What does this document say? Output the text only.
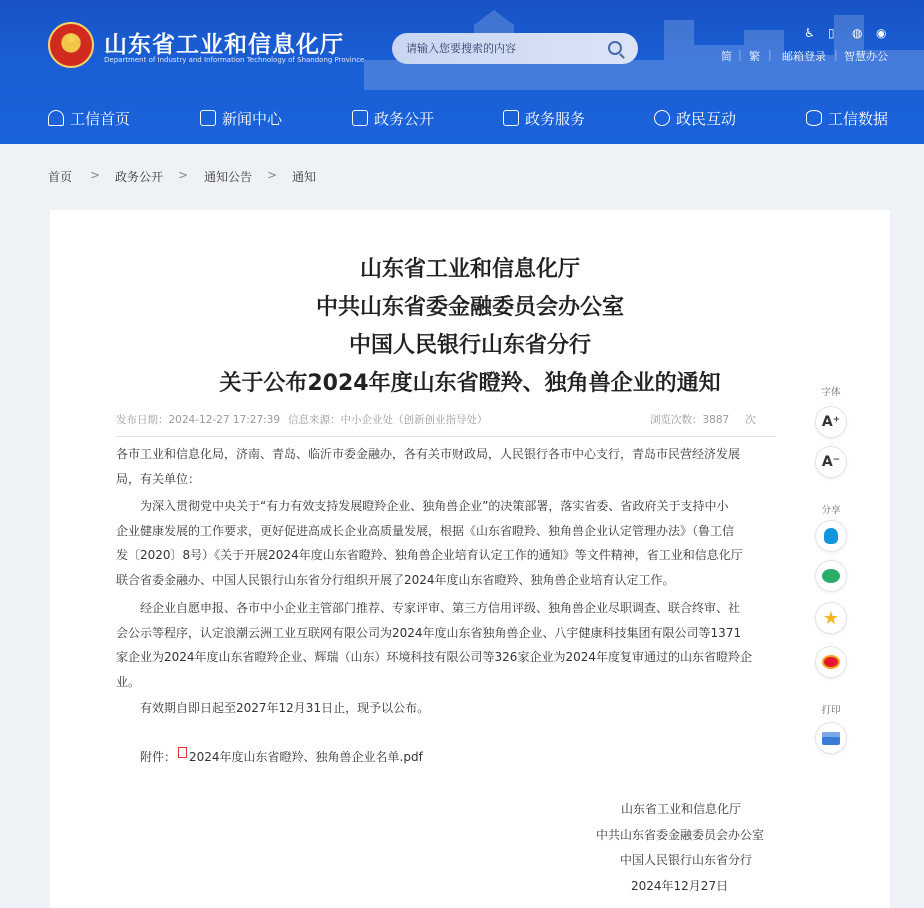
★ 山东省工业和信息化厅
Department of Industry and Information Technology of Shandong Province
请输入您要搜索的内容
♿ ▯ ◍ ◉
简 | 繁 | 邮箱登录 | 智慧办公
工信首页	新闻中心	政务公开	政务服务	政民互动	工信数据
首页 > 政务公开 > 通知公告 > 通知
山东省工业和信息化厅
中共山东省委金融委员会办公室
中国人民银行山东省分行
关于公布2024年度山东省瞪羚、独角兽企业的通知
发布日期：2024-12-27 17:27:39 信息来源：中小企业处（创新创业指导处）	浏览次数：3887 次
各市工业和信息化局，济南、青岛、临沂市委金融办，各有关市财政局，人民银行各市中心支行，青岛市民营经济发展
局，有关单位：
　　为深入贯彻党中央关于“有力有效支持发展瞪羚企业、独角兽企业”的决策部署，落实省委、省政府关于支持中小
企业健康发展的工作要求，更好促进高成长企业高质量发展，根据《山东省瞪羚、独角兽企业认定管理办法》（鲁工信
发〔2020〕8号）《关于开展2024年度山东省瞪羚、独角兽企业培育认定工作的通知》等文件精神，省工业和信息化厅
联合省委金融办、中国人民银行山东省分行组织开展了2024年度山东省瞪羚、独角兽企业培育认定工作。
　　经企业自愿申报、各市中小企业主管部门推荐、专家评审、第三方信用评级、独角兽企业尽职调查、联合终审、社
会公示等程序，认定浪潮云洲工业互联网有限公司为2024年度山东省独角兽企业、八宇健康科技集团有限公司等1371
家企业为2024年度山东省瞪羚企业、辉瑞（山东）环境科技有限公司等326家企业为2024年度复审通过的山东省瞪羚企
业。
　　有效期自即日起至2027年12月31日止，现予以公布。
附件： 2024年度山东省瞪羚、独角兽企业名单.pdf
山东省工业和信息化厅
中共山东省委金融委员会办公室
中国人民银行山东省分行
2024年12月27日
字体
A⁺
A⁻
分享
★
打印
